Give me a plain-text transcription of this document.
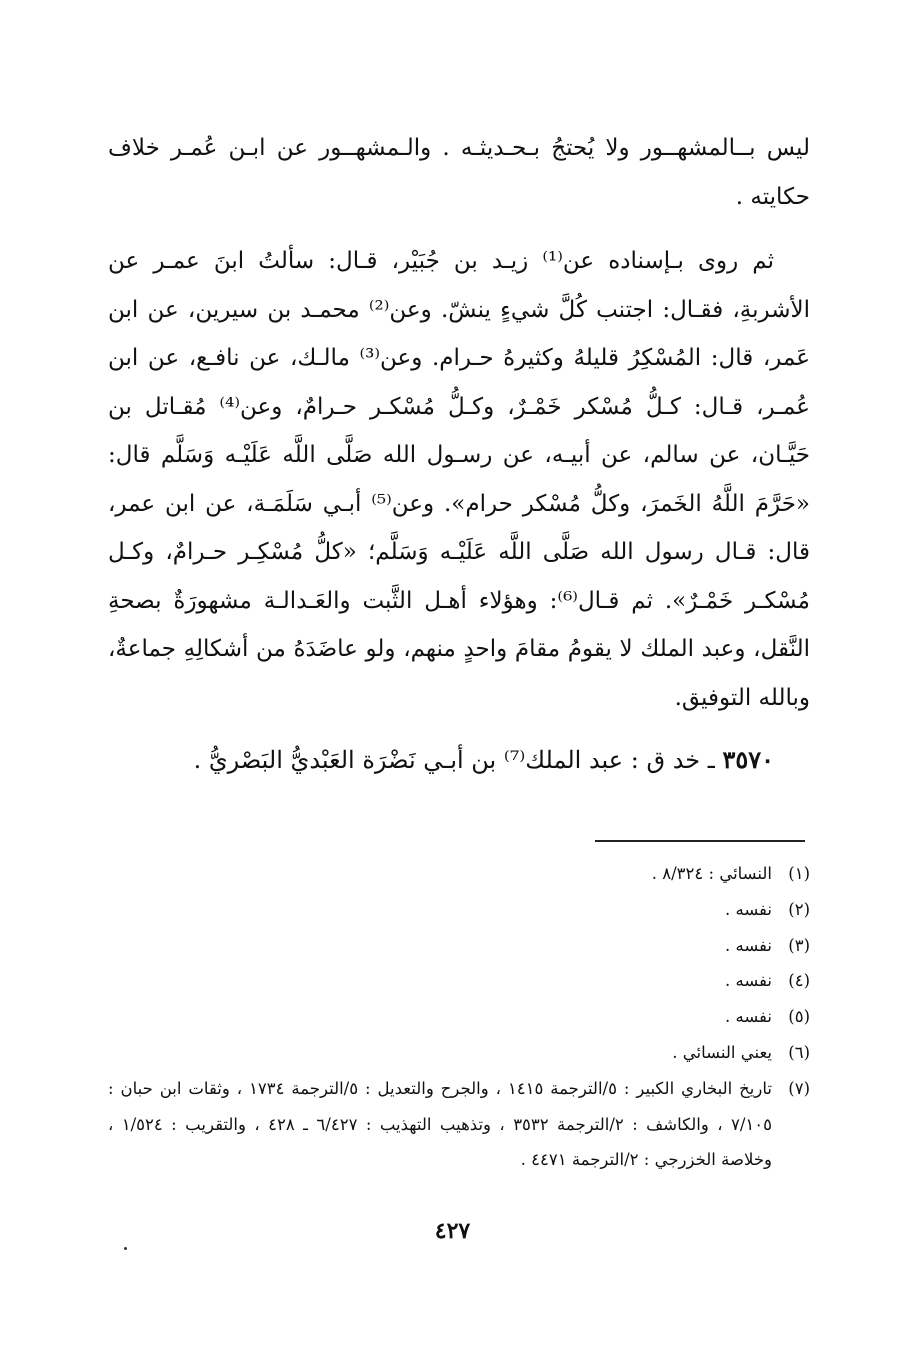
ليس بــالمشهــور ولا يُحتجُ بـحـديثـه . والـمشهــور عن ابـن عُمـر خلاف حكايته .

ثم روى بـإسناده عن⁽¹⁾ زيـد بن جُبَيْر، قـال: سألتُ ابنَ عمـر عن الأشربةِ، فقـال: اجتنب كُلَّ شيءٍ ينشّ. وعن⁽²⁾ محمـد بن سيرين، عن ابن عَمر، قال: المُسْكِرُ قليلهُ وكثيرهُ حـرام. وعن⁽³⁾ مالـك، عن نافـع، عن ابن عُمـر، قـال: كـلُّ مُسْكر خَمْـرٌ، وكـلُّ مُسْكـر حـرامٌ، وعن⁽⁴⁾ مُقـاتل بن حَيَّـان، عن سالم، عن أبيـه، عن رسـول الله صَلَّى اللَّه عَلَيْـه وَسَلَّم قال: «حَرَّمَ اللَّهُ الخَمرَ، وكلُّ مُسْكر حرام». وعن⁽⁵⁾ أبـي سَلَمَـة، عن ابن عمر، قال: قـال رسول الله صَلَّى اللَّه عَلَيْـه وَسَلَّم؛ «كلُّ مُسْكِـر حـرامٌ، وكـل مُسْكـر خَمْـرٌ». ثم قـال⁽⁶⁾: وهؤلاء أهـل الثَّبت والعَـدالـة مشهورَةٌ بصحةِ النَّقل، وعبد الملك لا يقومُ مقامَ واحدٍ منهم، ولو عاضَدَهُ من أشكالِهِ جماعةٌ، وبالله التوفيق.

٣٥٧٠ ـ خد ق : عبد الملك⁽⁷⁾ بن أبـي نَضْرَة العَبْديُّ البَصْريُّ .

(١)
النسائي : ٨/٣٢٤ .
(٢)
نفسه .
(٣)
نفسه .
(٤)
نفسه .
(٥)
نفسه .
(٦)
يعني النسائي .
(٧)
تاريخ البخاري الكبير : ٥/الترجمة ١٤١٥ ، والجرح والتعديل : ٥/الترجمة ١٧٣٤ ، وثقات ابن حبان : ٧/١٠٥ ، والكاشف : ٢/الترجمة ٣٥٣٢ ، وتذهيب التهذيب : ٦/٤٢٧ ـ ٤٢٨ ، والتقريب : ١/٥٢٤ ، وخلاصة الخزرجي : ٢/الترجمة ٤٤٧١ .
٤٢٧
